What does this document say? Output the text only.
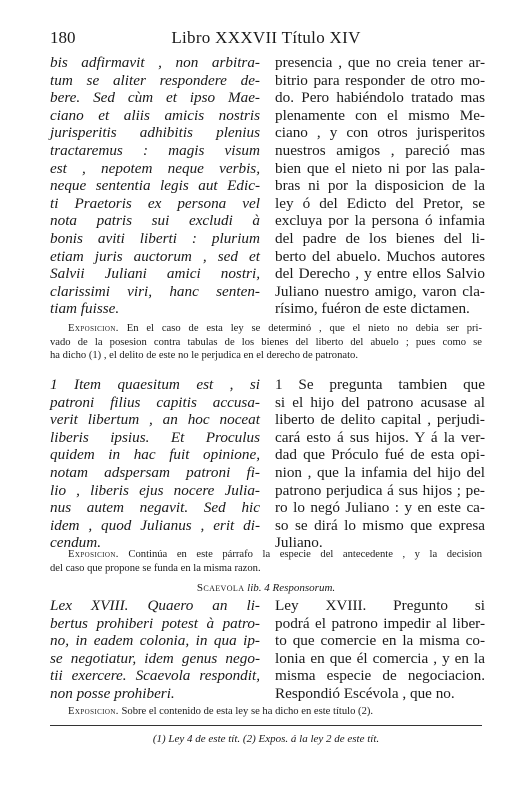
180	Libro XXXVII Título XIV
bis adfirmavit , non arbitra-
tum se aliter respondere de-
bere. Sed cùm et ipso Mae-
ciano et aliis amicis nostris
jurisperitis adhibitis plenius
tractaremus : magis visum
est , nepotem neque verbis,
neque sententia legis aut Edic-
ti Praetoris ex persona vel
nota patris sui excludi à
bonis aviti liberti : plurium
etiam juris auctorum , sed et
Salvii Juliani amici nostri,
clarissimi viri, hanc senten-
tiam fuisse.
presencia , que no creia tener ar-
bitrio para responder de otro mo-
do. Pero habiéndolo tratado mas
plenamente con el mismo Me-
ciano , y con otros jurisperitos
nuestros amigos , pareció mas
bien que el nieto ni por las pala-
bras ni por la disposicion de la
ley ó del Edicto del Pretor, se
excluya por la persona ó infamia
del padre de los bienes del li-
berto del abuelo. Muchos autores
del Derecho , y entre ellos Salvio
Juliano nuestro amigo, varon cla-
rísimo, fuéron de este dictamen.
Exposicion. En el caso de esta ley se determinó , que el nieto no debia ser pri-
vado de la posesion contra tabulas de los bienes del liberto del abuelo ; pues como se
ha dicho (1) , el delito de este no le perjudica en el derecho de patronato.
1 Item quaesitum est , si
patroni filius capitis accusa-
verit libertum , an hoc noceat
liberis ipsius. Et Proculus
quidem in hac fuit opinione,
notam adspersam patroni fi-
lio , liberis ejus nocere Julia-
nus autem negavit. Sed hic
idem , quod Julianus , erit di-
cendum.
1 Se pregunta tambien que
si el hijo del patrono acusase al
liberto de delito capital , perjudi-
cará esto á sus hijos. Y á la ver-
dad que Próculo fué de esta opi-
nion , que la infamia del hijo del
patrono perjudica á sus hijos ; pe-
ro lo negó Juliano : y en este ca-
so se dirá lo mismo que expresa
Juliano.
Exposicion. Continúa en este párrafo la especie del antecedente , y la decision
del caso que propone se funda en la misma razon.
Scaevola lib. 4 Responsorum.
Lex XVIII. Quaero an li-
bertus prohiberi potest à patro-
no, in eadem colonia, in qua ip-
se negotiatur, idem genus nego-
tii exercere. Scaevola respondit,
non posse prohiberi.
Ley XVIII. Pregunto si
podrá el patrono impedir al liber-
to que comercie en la misma co-
lonia en que él comercia , y en la
misma especie de negociacion.
Respondió Escévola , que no.
Exposicion. Sobre el contenido de esta ley se ha dicho en este título (2).
(1) Ley 4 de este tít. (2) Expos. á la ley 2 de este tít.
